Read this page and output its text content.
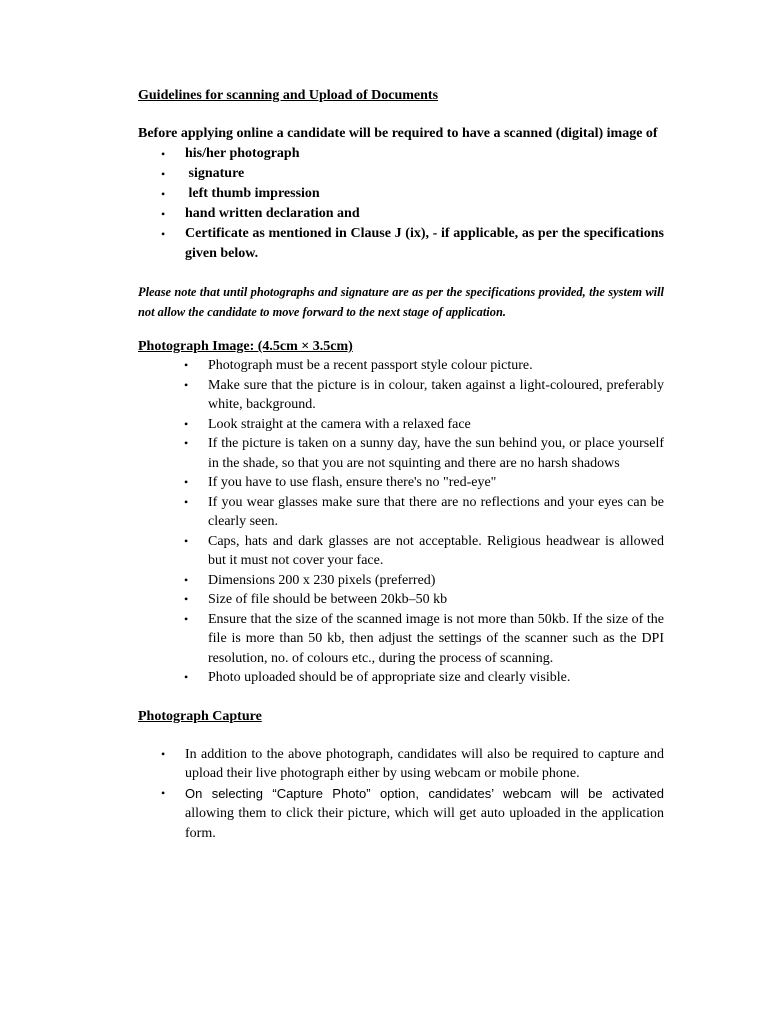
Guidelines for scanning and Upload of Documents

Before applying online a candidate will be required to have a scanned (digital) image of

• his/her photograph
• signature
• left thumb impression
• hand written declaration and
• Certificate as mentioned in Clause J (ix), - if applicable, as per the specifications given below.

Please note that until photographs and signature are as per the specifications provided, the system will not allow the candidate to move forward to the next stage of application.

Photograph Image: (4.5cm × 3.5cm)

• Photograph must be a recent passport style colour picture.
• Make sure that the picture is in colour, taken against a light-coloured, preferably white, background.
• Look straight at the camera with a relaxed face
• If the picture is taken on a sunny day, have the sun behind you, or place yourself in the shade, so that you are not squinting and there are no harsh shadows
• If you have to use flash, ensure there's no "red-eye"
• If you wear glasses make sure that there are no reflections and your eyes can be clearly seen.
• Caps, hats and dark glasses are not acceptable. Religious headwear is allowed but it must not cover your face.
• Dimensions 200 x 230 pixels (preferred)
• Size of file should be between 20kb–50 kb
• Ensure that the size of the scanned image is not more than 50kb. If the size of the file is more than 50 kb, then adjust the settings of the scanner such as the DPI resolution, no. of colours etc., during the process of scanning.
• Photo uploaded should be of appropriate size and clearly visible.

Photograph Capture

• In addition to the above photograph, candidates will also be required to capture and upload their live photograph either by using webcam or mobile phone.
• On selecting “Capture Photo” option, candidates’ webcam will be activated allowing them to click their picture, which will get auto uploaded in the application form.
